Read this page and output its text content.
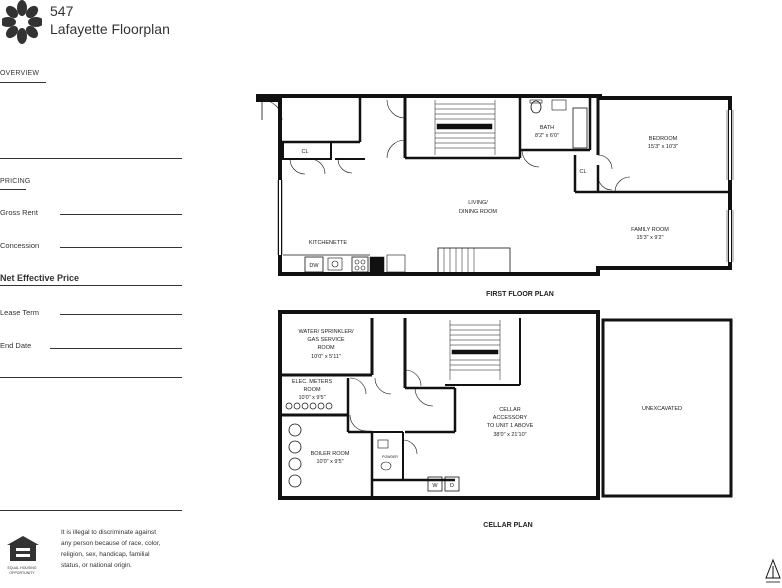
547
Lafayette Floorplan
OVERVIEW
PRICING
Gross Rent
Concession
Net Effective Price
Lease Term
End Date
EQUAL HOUSING OPPORTUNITY
It is illegal to discriminate against any person because of race, color, religion, sex, handicap, familial status, or national origin.
BATH
8'2" x 6'0"	BEDROOM
15'3" x 10'3"
LIVING/
DINING ROOM
FAMILY ROOM
15'3" x 9'2"
KITCHENETTE
CL
CL
DW
WATER/ SPRINKLER/
GAS SERVICE
ROOM
10'0" x 5'11"
ELEC. METERS
ROOM
10'0" x 9'5"
BOILER ROOM
10'0" x 9'5"
CELLAR
ACCESSORY
TO UNIT 1 ABOVE
38'0" x 21'10"
UNEXCAVATED
POWDER
W D
FIRST FLOOR PLAN
CELLAR PLAN
